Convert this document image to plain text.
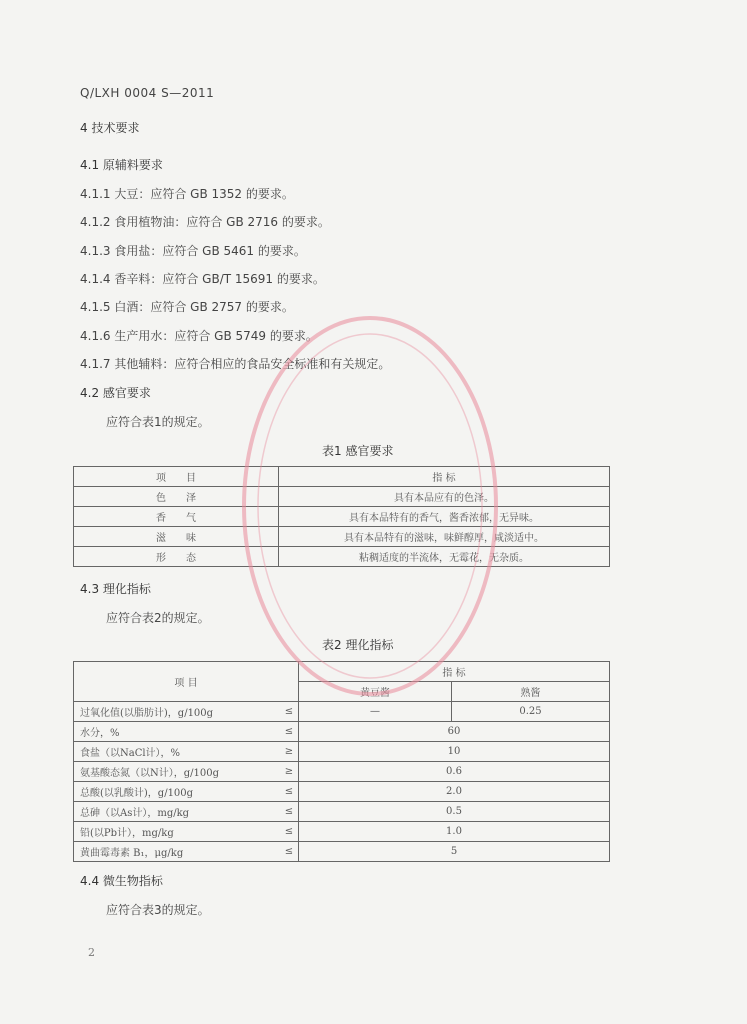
Q/LXH 0004 S—2011
4 技术要求
4.1 原辅料要求
4.1.1 大豆：应符合 GB 1352 的要求。
4.1.2 食用植物油：应符合 GB 2716 的要求。
4.1.3 食用盐：应符合 GB 5461 的要求。
4.1.4 香辛料：应符合 GB/T 15691 的要求。
4.1.5 白酒：应符合 GB 2757 的要求。
4.1.6 生产用水：应符合 GB 5749 的要求。
4.1.7 其他辅料：应符合相应的食品安全标准和有关规定。
4.2 感官要求
应符合表1的规定。
表1 感官要求
项目	指 标
色泽	具有本品应有的色泽。
香气	具有本品特有的香气，酱香浓郁，无异味。
滋味	具有本品特有的滋味，味鲜醇厚，咸淡适中。
形态	粘稠适度的半流体，无霉花，无杂质。
4.3 理化指标
应符合表2的规定。
表2 理化指标
项 目		指 标	
		黄豆酱	熟酱
过氧化值(以脂肪计)，g/100g	≤	—	0.25
水分，%	≤	60	
食盐（以NaCl计），%	≥	10	
氨基酸态氮（以N计），g/100g	≥	0.6	
总酸(以乳酸计)，g/100g	≤	2.0	
总砷（以As计），mg/kg	≤	0.5	
铅(以Pb计），mg/kg	≤	1.0	
黄曲霉毒素 B₁，μg/kg	≤	5	
4.4 微生物指标
应符合表3的规定。
2
